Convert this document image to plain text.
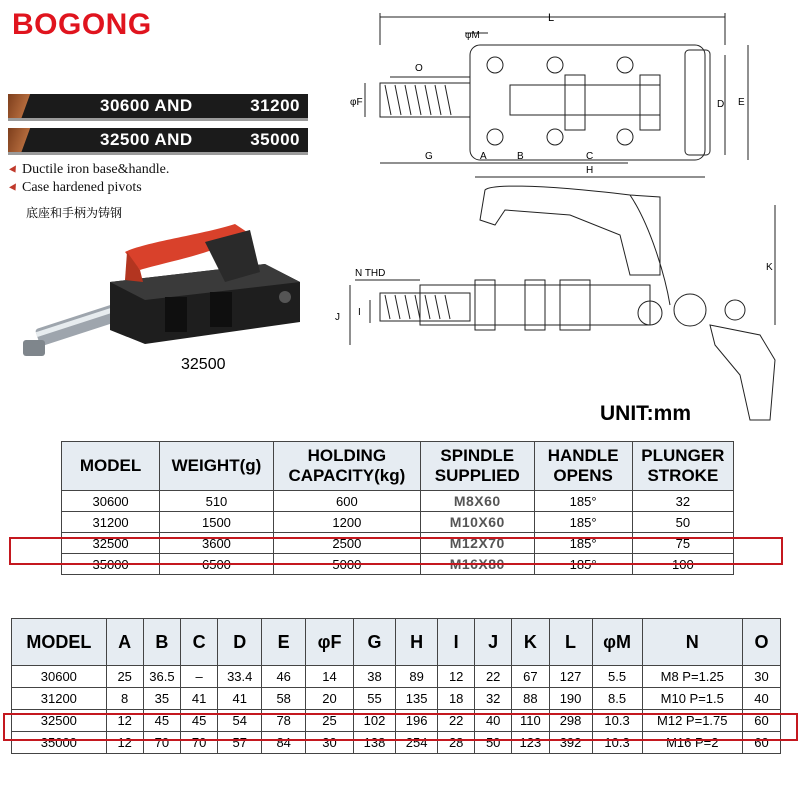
BOGONG
30600 AND	31200
32500 AND	35000
Ductile iron base&handle.
Case hardened pivots
底座和手柄为铸钢
32500
L
φF
O
φM
D E
G	A	B	C
H
J I
N THD
K
UNIT:mm
MODEL	WEIGHT(g)	HOLDING CAPACITY(kg)	SPINDLE SUPPLIED	HANDLE OPENS	PLUNGER STROKE
30600	510	600	M8X60	185°	32
31200	1500	1200	M10X60	185°	50
32500	3600	2500	M12X70	185°	75
35000	6500	5000	M16X80	185°	100
MODEL	A	B	C	D	E	φF	G	H	I	J	K	L	φM	N	O
30600	25	36.5	–	33.4	46	14	38	89	12	22	67	127	5.5	M8 P=1.25	30
31200	8	35	41	41	58	20	55	135	18	32	88	190	8.5	M10 P=1.5	40
32500	12	45	45	54	78	25	102	196	22	40	110	298	10.3	M12 P=1.75	60
35000	12	70	70	57	84	30	138	254	28	50	123	392	10.3	M16 P=2	60
